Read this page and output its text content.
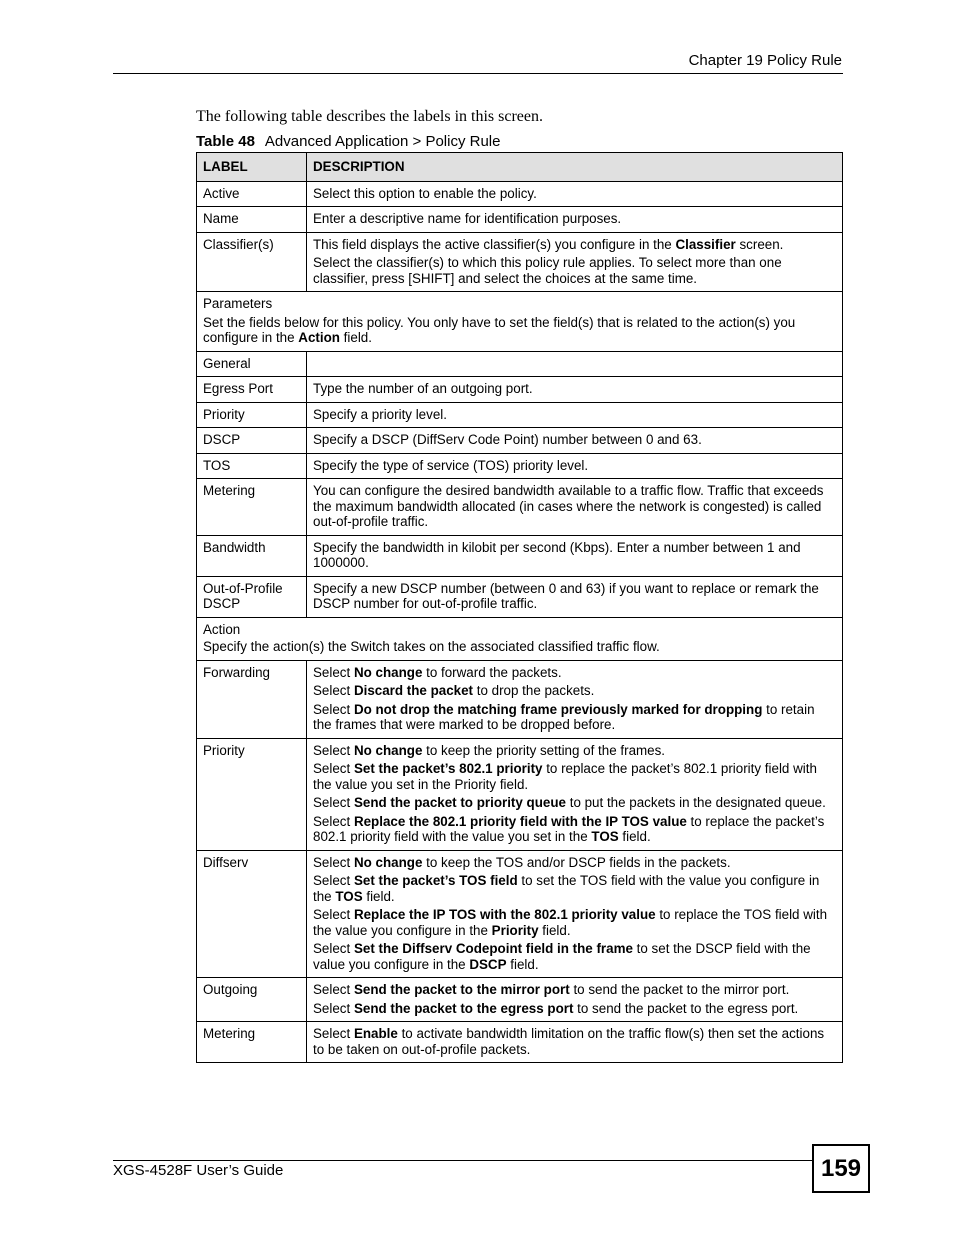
Chapter 19 Policy Rule
The following table describes the labels in this screen.
Table 48 Advanced Application > Policy Rule
LABEL	DESCRIPTION
Active	Select this option to enable the policy.

Name	Enter a descriptive name for identification purposes.

Classifier(s)	This field displays the active classifier(s) you configure in the Classifier screen.

Select the classifier(s) to which this policy rule applies. To select more than one classifier, press [SHIFT] and select the choices at the same time.

Parameters

Set the fields below for this policy. You only have to set the field(s) that is related to the action(s) you configure in the Action field.	

General	
Egress Port	Type the number of an outgoing port.

Priority	Specify a priority level.

DSCP	Specify a DSCP (DiffServ Code Point) number between 0 and 63.

TOS	Specify the type of service (TOS) priority level.

Metering	You can configure the desired bandwidth available to a traffic flow. Traffic that exceeds the maximum bandwidth allocated (in cases where the network is congested) is called out-of-profile traffic.

Bandwidth	Specify the bandwidth in kilobit per second (Kbps). Enter a number between 1 and 1000000.

Out-of-Profile DSCP	Specify a new DSCP number (between 0 and 63) if you want to replace or remark the DSCP number for out-of-profile traffic.

Action

Specify the action(s) the Switch takes on the associated classified traffic flow.	

Forwarding	Select No change to forward the packets.

Select Discard the packet to drop the packets.

Select Do not drop the matching frame previously marked for dropping to retain the frames that were marked to be dropped before.

Priority	Select No change to keep the priority setting of the frames.

Select Set the packet’s 802.1 priority to replace the packet’s 802.1 priority field with the value you set in the Priority field.

Select Send the packet to priority queue to put the packets in the designated queue.

Select Replace the 802.1 priority field with the IP TOS value to replace the packet’s 802.1 priority field with the value you set in the TOS field.

Diffserv	Select No change to keep the TOS and/or DSCP fields in the packets.

Select Set the packet’s TOS field to set the TOS field with the value you configure in the TOS field.

Select Replace the IP TOS with the 802.1 priority value to replace the TOS field with the value you configure in the Priority field.

Select Set the Diffserv Codepoint field in the frame to set the DSCP field with the value you configure in the DSCP field.

Outgoing	Select Send the packet to the mirror port to send the packet to the mirror port.

Select Send the packet to the egress port to send the packet to the egress port.

Metering	Select Enable to activate bandwidth limitation on the traffic flow(s) then set the actions to be taken on out-of-profile packets.

XGS-4528F User’s Guide	159
